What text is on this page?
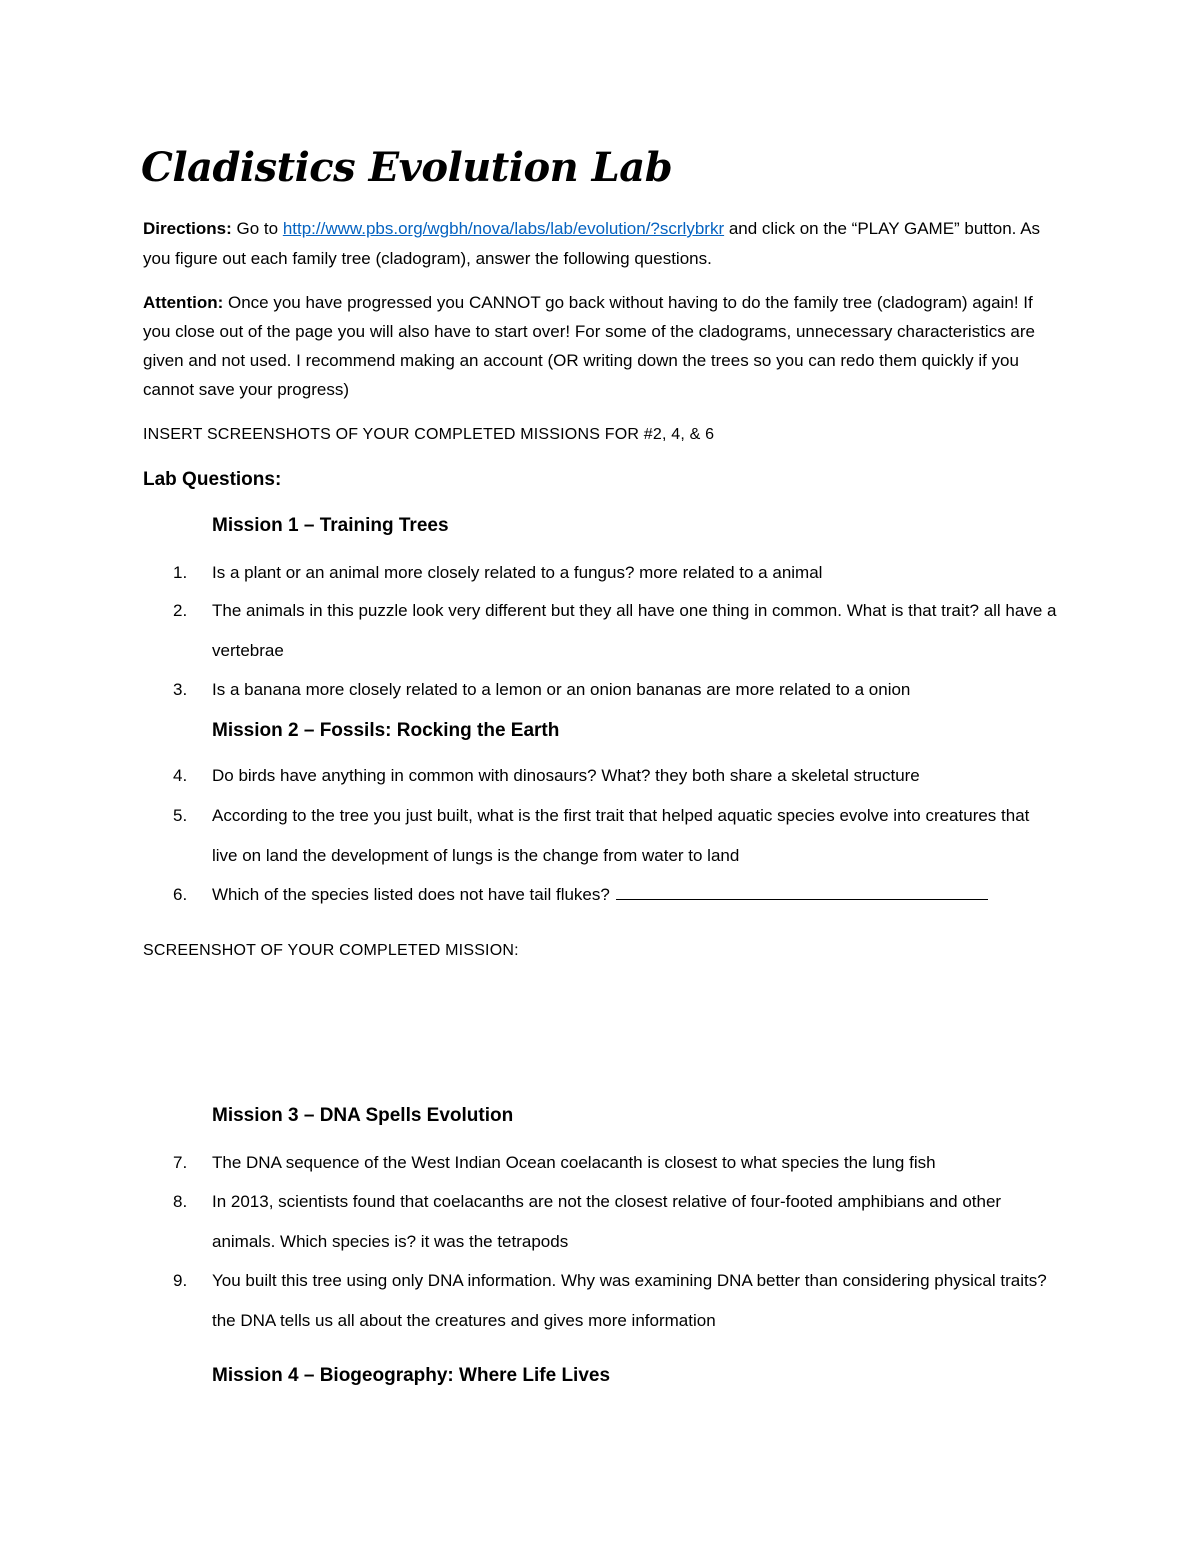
Cladistics Evolution Lab
Directions: Go to http://www.pbs.org/wgbh/nova/labs/lab/evolution/?scrlybrkr and click on the “PLAY GAME” button. As you figure out each family tree (cladogram), answer the following questions.
Attention: Once you have progressed you CANNOT go back without having to do the family tree (cladogram) again! If you close out of the page you will also have to start over! For some of the cladograms, unnecessary characteristics are given and not used. I recommend making an account (OR writing down the trees so you can redo them quickly if you cannot save your progress)
INSERT SCREENSHOTS OF YOUR COMPLETED MISSIONS FOR #2, 4, & 6
Lab Questions:
Mission 1 – Training Trees
1. Is a plant or an animal more closely related to a fungus? more related to a animal
2. The animals in this puzzle look very different but they all have one thing in common. What is that trait? all have a vertebrae
3. Is a banana more closely related to a lemon or an onion bananas are more related to a onion
Mission 2 – Fossils: Rocking the Earth
4. Do birds have anything in common with dinosaurs? What? they both share a skeletal structure
5. According to the tree you just built, what is the first trait that helped aquatic species evolve into creatures that live on land the development of lungs is the change from water to land
6. Which of the species listed does not have tail flukes?
SCREENSHOT OF YOUR COMPLETED MISSION:
Mission 3 – DNA Spells Evolution
7. The DNA sequence of the West Indian Ocean coelacanth is closest to what species the lung fish
8. In 2013, scientists found that coelacanths are not the closest relative of four-footed amphibians and other animals. Which species is? it was the tetrapods
9. You built this tree using only DNA information. Why was examining DNA better than considering physical traits? the DNA tells us all about the creatures and gives more information
Mission 4 – Biogeography: Where Life Lives
